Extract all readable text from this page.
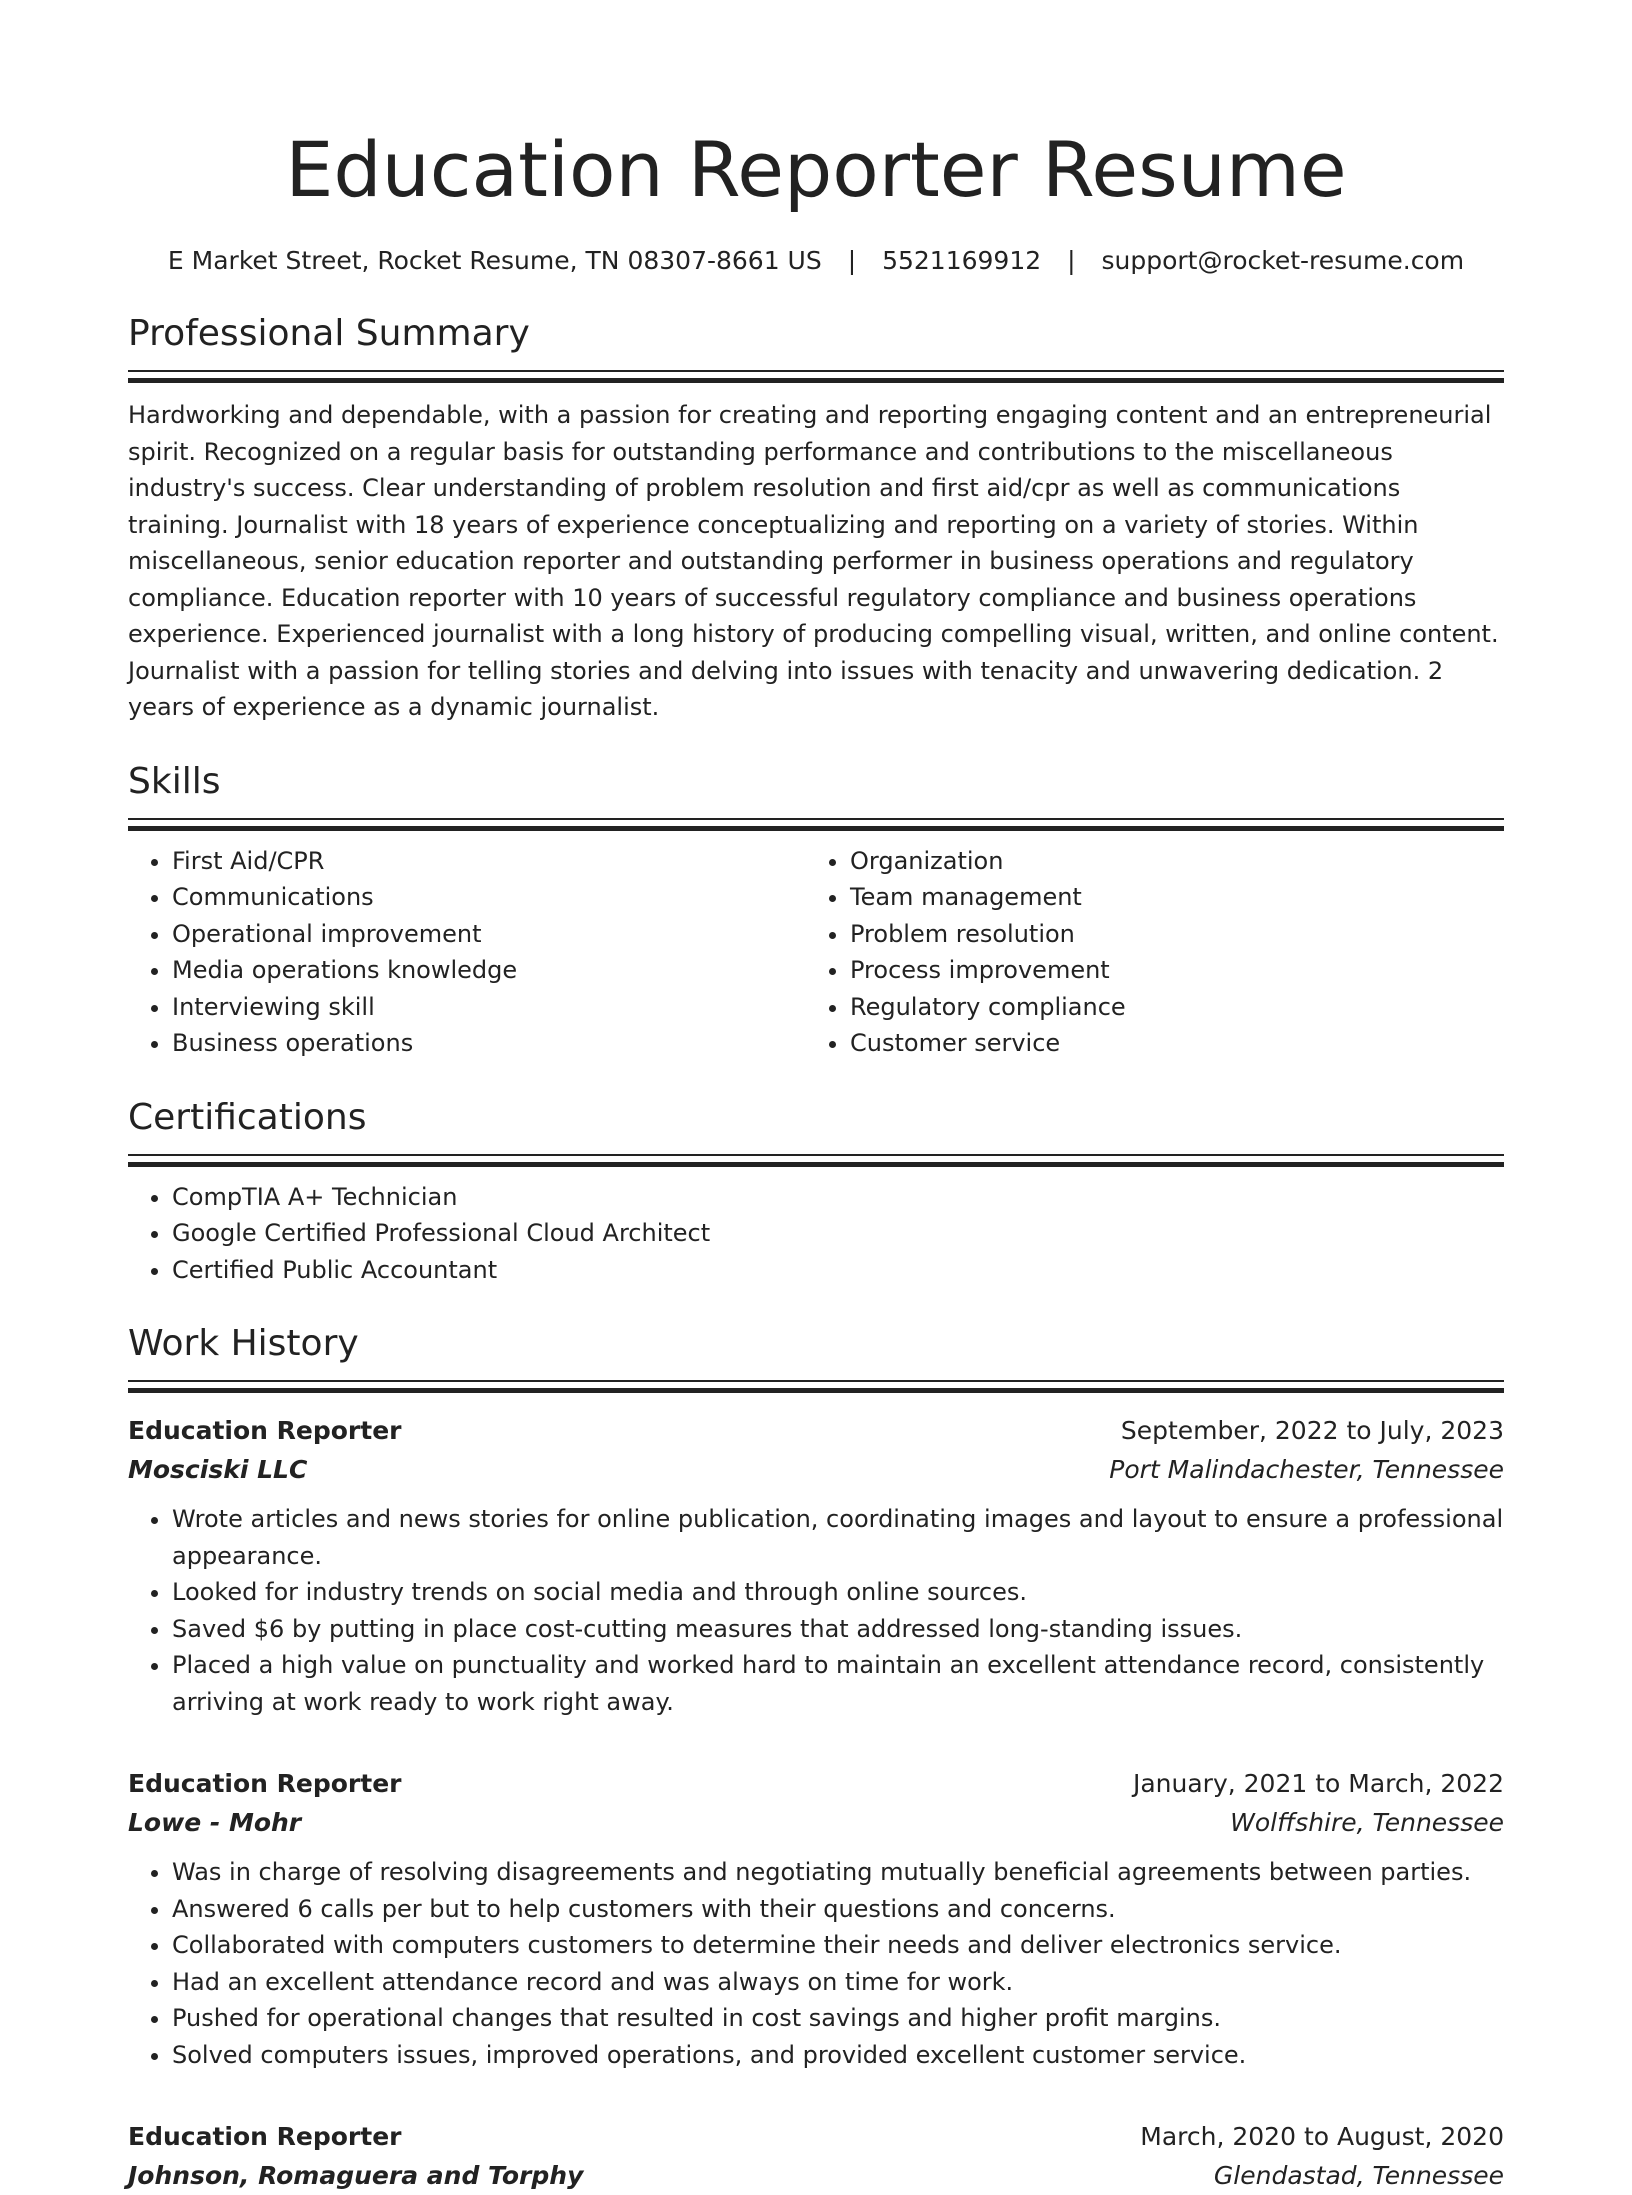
Education Reporter Resume
E Market Street, Rocket Resume, TN 08307-8661 US | 5521169912 | support@rocket-resume.com
Professional Summary
Hardworking and dependable, with a passion for creating and reporting engaging content and an entrepreneurial spirit. Recognized on a regular basis for outstanding performance and contributions to the miscellaneous industry's success. Clear understanding of problem resolution and first aid/cpr as well as communications training. Journalist with 18 years of experience conceptualizing and reporting on a variety of stories. Within miscellaneous, senior education reporter and outstanding performer in business operations and regulatory compliance. Education reporter with 10 years of successful regulatory compliance and business operations experience. Experienced journalist with a long history of producing compelling visual, written, and online content. Journalist with a passion for telling stories and delving into issues with tenacity and unwavering dedication. 2 years of experience as a dynamic journalist.
Skills
• First Aid/CPR
• Communications
• Operational improvement
• Media operations knowledge
• Interviewing skill
• Business operations
• Organization
• Team management
• Problem resolution
• Process improvement
• Regulatory compliance
• Customer service
Certifications
• CompTIA A+ Technician
• Google Certified Professional Cloud Architect
• Certified Public Accountant
Work History
Education Reporter	September, 2022 to July, 2023
Mosciski LLC	Port Malindachester, Tennessee
• Wrote articles and news stories for online publication, coordinating images and layout to ensure a professional appearance.
• Looked for industry trends on social media and through online sources.
• Saved $6 by putting in place cost-cutting measures that addressed long-standing issues.
• Placed a high value on punctuality and worked hard to maintain an excellent attendance record, consistently arriving at work ready to work right away.
Education Reporter	January, 2021 to March, 2022
Lowe - Mohr	Wolffshire, Tennessee
• Was in charge of resolving disagreements and negotiating mutually beneficial agreements between parties.
• Answered 6 calls per but to help customers with their questions and concerns.
• Collaborated with computers customers to determine their needs and deliver electronics service.
• Had an excellent attendance record and was always on time for work.
• Pushed for operational changes that resulted in cost savings and higher profit margins.
• Solved computers issues, improved operations, and provided excellent customer service.
Education Reporter	March, 2020 to August, 2020
Johnson, Romaguera and Torphy	Glendastad, Tennessee
